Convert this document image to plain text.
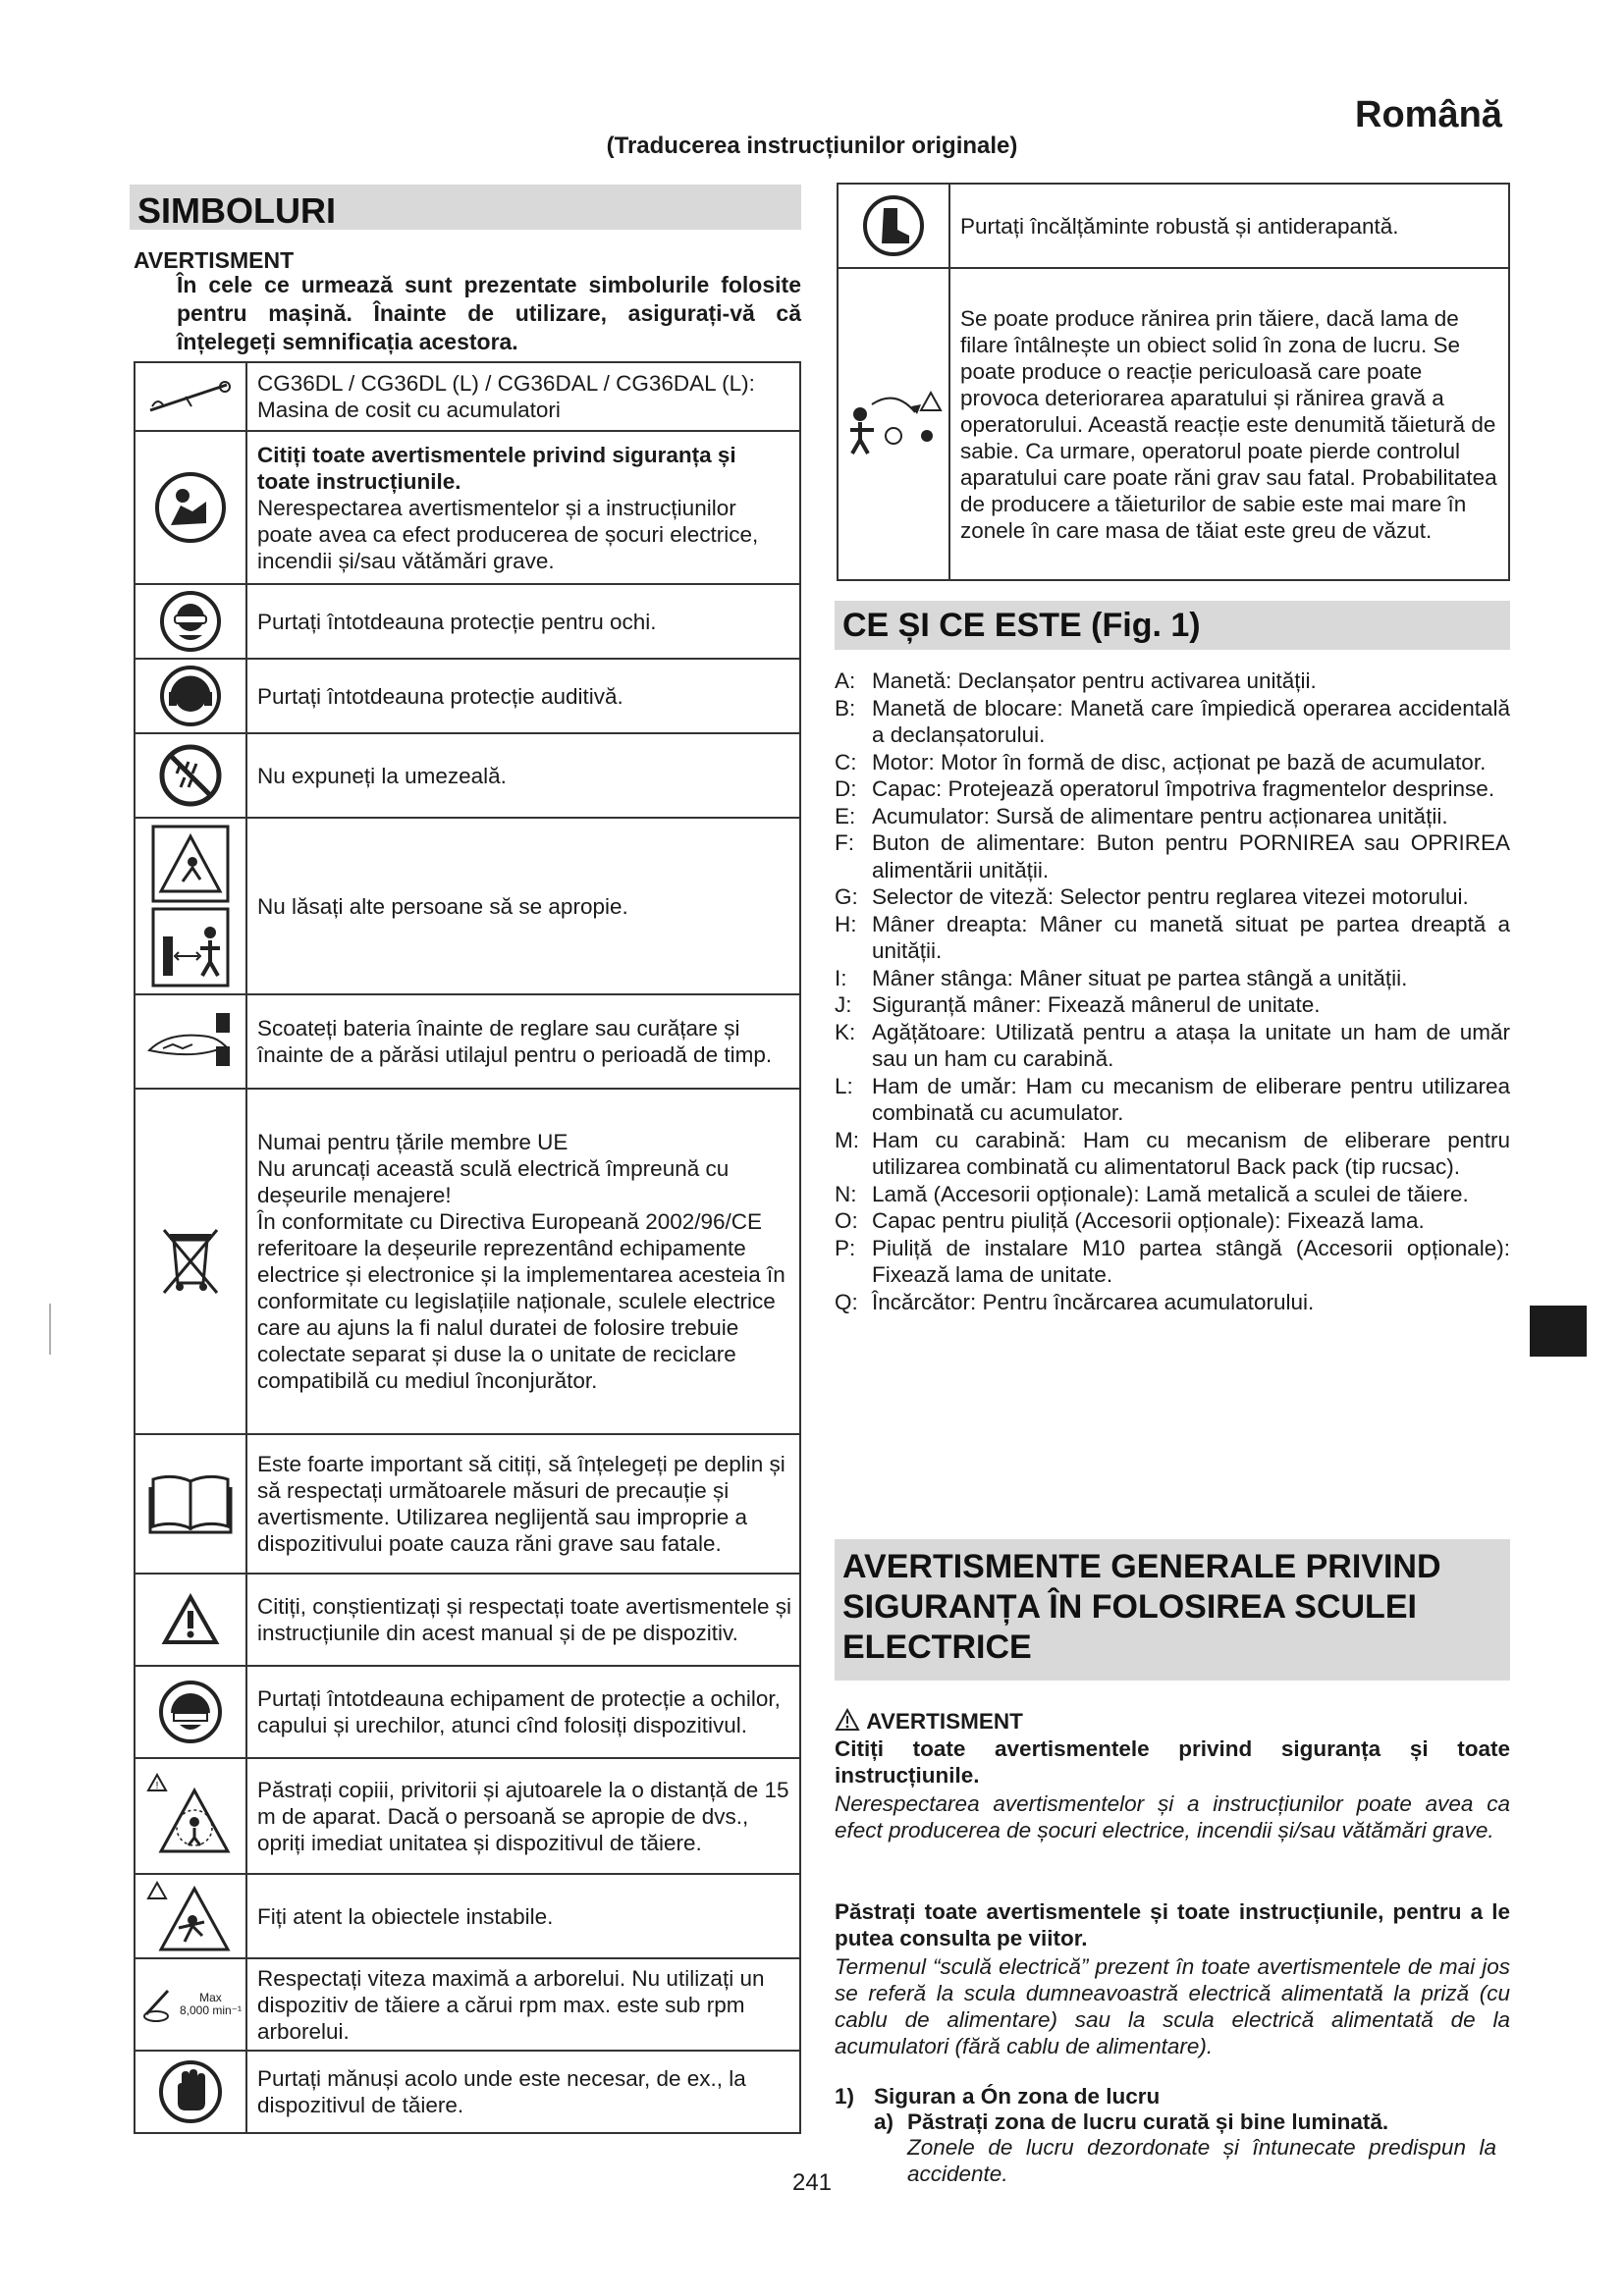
Română
(Traducerea instrucțiunilor originale)
SIMBOLURI
AVERTISMENT
În cele ce urmează sunt prezentate simbolurile folosite pentru mașină. Înainte de utilizare, asigurați-vă că înțelegeți semnificația acestora.
	CG36DL / CG36DL (L) / CG36DAL / CG36DAL (L):
Masina de cosit cu acumulatori

Citiți toate avertismentele privind siguranța și toate instrucțiunile.
Nerespectarea avertismentelor și a instrucțiunilor poate avea ca efect producerea de șocuri electrice, incendii și/sau vătămări grave.

	Purtați întotdeauna protecție pentru ochi.

	Purtați întotdeauna protecție auditivă.

	Nu expuneți la umezeală.

	Nu lăsați alte persoane să se apropie.

	Scoateți bateria înainte de reglare sau curățare și înainte de a părăsi utilajul pentru o perioadă de timp.

	Numai pentru țările membre UE
Nu aruncați această sculă electrică împreună cu deșeurile menajere!
În conformitate cu Directiva Europeană 2002/96/CE referitoare la deșeurile reprezentând echipamente electrice și electronice și la implementarea acesteia în conformitate cu legislațiile naționale, sculele electrice care au ajuns la fi nalul duratei de folosire trebuie colectate separat și duse la o unitate de reciclare compatibilă cu mediul înconjurător.

	Este foarte important să citiți, să înțelegeți pe deplin și să respectați următoarele măsuri de precauție și avertismente. Utilizarea neglijentă sau improprie a dispozitivului poate cauza răni grave sau fatale.

	Citiți, conștientizați și respectați toate avertismentele și instrucțiunile din acest manual și de pe dispozitiv.

	Purtați întotdeauna echipament de protecție a ochilor, capului și urechilor, atunci cînd folosiți dispozitivul.

!	Păstrați copiii, privitorii și ajutoarele la o distanță de 15 m de aparat. Dacă o persoană se apropie de dvs., opriți imediat unitatea și dispozitivul de tăiere.

	Fiți atent la obiectele instabile.

Max
8,000 min⁻¹	Respectați viteza maximă a arborelui. Nu utilizați un dispozitiv de tăiere a cărui rpm max. este sub rpm arborelui.

	Purtați mănuși acolo unde este necesar, de ex., la dispozitivul de tăiere.
	Purtați încălțăminte robustă și antiderapantă.

	Se poate produce rănirea prin tăiere, dacă lama de filare întâlnește un obiect solid în zona de lucru. Se poate produce o reacție periculoasă care poate provoca deteriorarea aparatului și rănirea gravă a operatorului. Această reacție este denumită tăietură de sabie. Ca urmare, operatorul poate pierde controlul aparatului care poate răni grav sau fatal. Probabilitatea de producere a tăieturilor de sabie este mai mare în zonele în care masa de tăiat este greu de văzut.
CE ȘI CE ESTE (Fig. 1)
A: Manetă: Declanșator pentru activarea unității.
B: Manetă de blocare: Manetă care împiedică operarea accidentală a declanșatorului.
C: Motor: Motor în formă de disc, acționat pe bază de acumulator.
D: Capac: Protejează operatorul împotriva fragmentelor desprinse.
E: Acumulator: Sursă de alimentare pentru acționarea unității.
F: Buton de alimentare: Buton pentru PORNIREA sau OPRIREA alimentării unității.
G: Selector de viteză: Selector pentru reglarea vitezei motorului.
H: Mâner dreapta: Mâner cu manetă situat pe partea dreaptă a unității.
I:	Mâner stânga: Mâner situat pe partea stângă a unității.
J: Siguranță mâner: Fixează mânerul de unitate.
K: Agățătoare: Utilizată pentru a atașa la unitate un ham de umăr sau un ham cu carabină.
L: Ham de umăr: Ham cu mecanism de eliberare pentru utilizarea combinată cu acumulator.
M: Ham cu carabină: Ham cu mecanism de eliberare pentru utilizarea combinată cu alimentatorul Back pack (tip rucsac).
N: Lamă (Accesorii opționale): Lamă metalică a sculei de tăiere.
O: Capac pentru piuliță (Accesorii opționale): Fixează lama.
P: Piuliță de instalare M10 partea stângă (Accesorii opționale): Fixează lama de unitate.
Q: Încărcător: Pentru încărcarea acumulatorului.
AVERTISMENTE GENERALE PRIVIND SIGURANȚA ÎN FOLOSIREA SCULEI ELECTRICE
AVERTISMENT
Citiți toate avertismentele privind siguranța și toate instrucțiunile.
Nerespectarea avertismentelor și a instrucțiunilor poate avea ca efect producerea de șocuri electrice, incendii și/sau vătămări grave.
Păstrați toate avertismentele și toate instrucțiunile, pentru a le putea consulta pe viitor.
Termenul “sculă electrică” prezent în toate avertismentele de mai jos se referă la scula dumneavoastră electrică alimentată la priză (cu cablu de alimentare) sau la scula electrică alimentată de la acumulatori (fără cablu de alimentare).
1) Siguran a Ón zona de lucru
a) Păstrați zona de lucru curată și bine luminată.
Zonele de lucru dezordonate și întunecate predispun la accidente.
241
